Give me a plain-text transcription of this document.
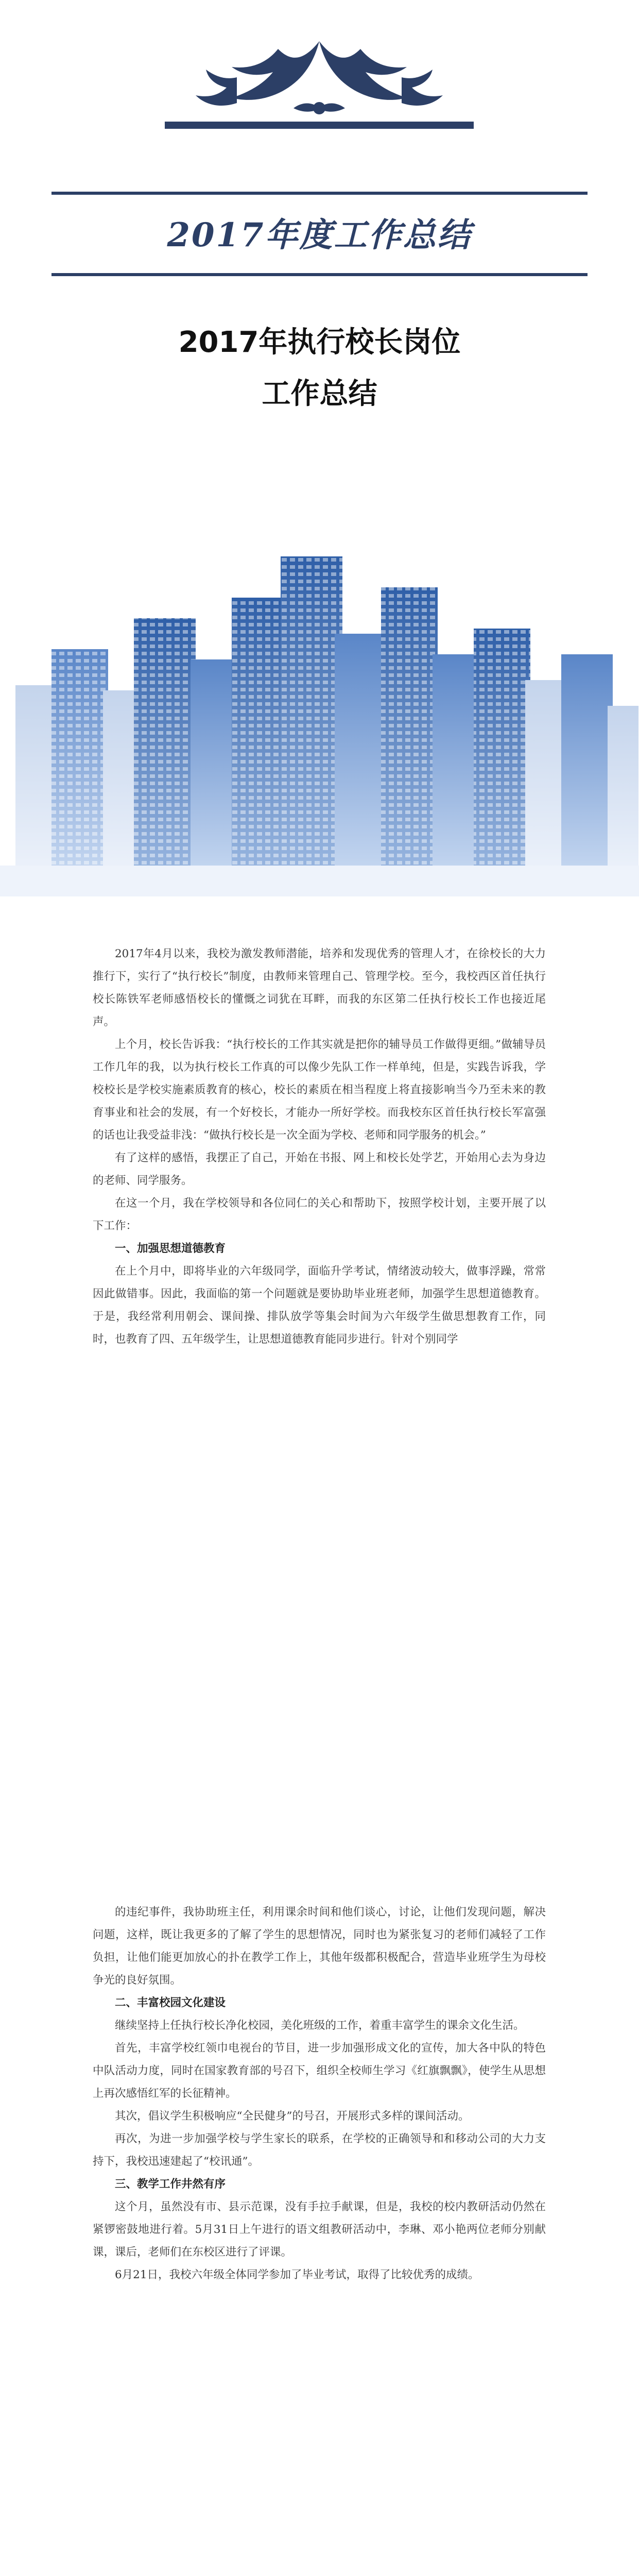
2017年度工作总结
2017年执行校长岗位
工作总结

2017年4月以来，我校为激发教师潜能，培养和发现优秀的管理人才，在徐校长的大力推行下，实行了“执行校长”制度，由教师来管理自己、管理学校。至今，我校西区首任执行校长陈铁军老师感悟校长的懂慨之词犹在耳畔，而我的东区第二任执行校长工作也接近尾声。

上个月，校长告诉我：“执行校长的工作其实就是把你的辅导员工作做得更细。”做辅导员工作几年的我，以为执行校长工作真的可以像少先队工作一样单纯，但是，实践告诉我，学校校长是学校实施素质教育的核心，校长的素质在相当程度上将直接影响当今乃至未来的教育事业和社会的发展，有一个好校长，才能办一所好学校。而我校东区首任执行校长军富强的话也让我受益非浅：“做执行校长是一次全面为学校、老师和同学服务的机会。”

有了这样的感悟，我摆正了自己，开始在书报、网上和校长处学艺，开始用心去为身边的老师、同学服务。

在这一个月，我在学校领导和各位同仁的关心和帮助下，按照学校计划，主要开展了以下工作：

一、加强思想道德教育

在上个月中，即将毕业的六年级同学，面临升学考试，情绪波动较大，做事浮躁，常常因此做错事。因此，我面临的第一个问题就是要协助毕业班老师，加强学生思想道德教育。于是，我经常利用朝会、课间操、排队放学等集会时间为六年级学生做思想教育工作，同时，也教育了四、五年级学生，让思想道德教育能同步进行。针对个别同学

的违纪事件，我协助班主任，利用课余时间和他们谈心，讨论，让他们发现问题，解决问题，这样，既让我更多的了解了学生的思想情况，同时也为紧张复习的老师们减轻了工作负担，让他们能更加放心的扑在教学工作上，其他年级都积极配合，营造毕业班学生为母校争光的良好氛围。

二、丰富校园文化建设

继续坚持上任执行校长净化校园，美化班级的工作，着重丰富学生的课余文化生活。

首先，丰富学校红领巾电视台的节目，进一步加强形成文化的宣传，加大各中队的特色中队活动力度，同时在国家教育部的号召下，组织全校师生学习《红旗飘飘》，使学生从思想上再次感悟红军的长征精神。

其次，倡议学生积极响应“全民健身”的号召，开展形式多样的课间活动。

再次，为进一步加强学校与学生家长的联系，在学校的正确领导和和移动公司的大力支持下，我校迅速建起了“校讯通”。

三、教学工作井然有序

这个月，虽然没有市、县示范课，没有手拉手献课，但是，我校的校内教研活动仍然在紧锣密鼓地进行着。5月31日上午进行的语文组教研活动中，李琳、邓小艳两位老师分别献课，课后，老师们在东校区进行了评课。

6月21日，我校六年级全体同学参加了毕业考试，取得了比较优秀的成绩。
